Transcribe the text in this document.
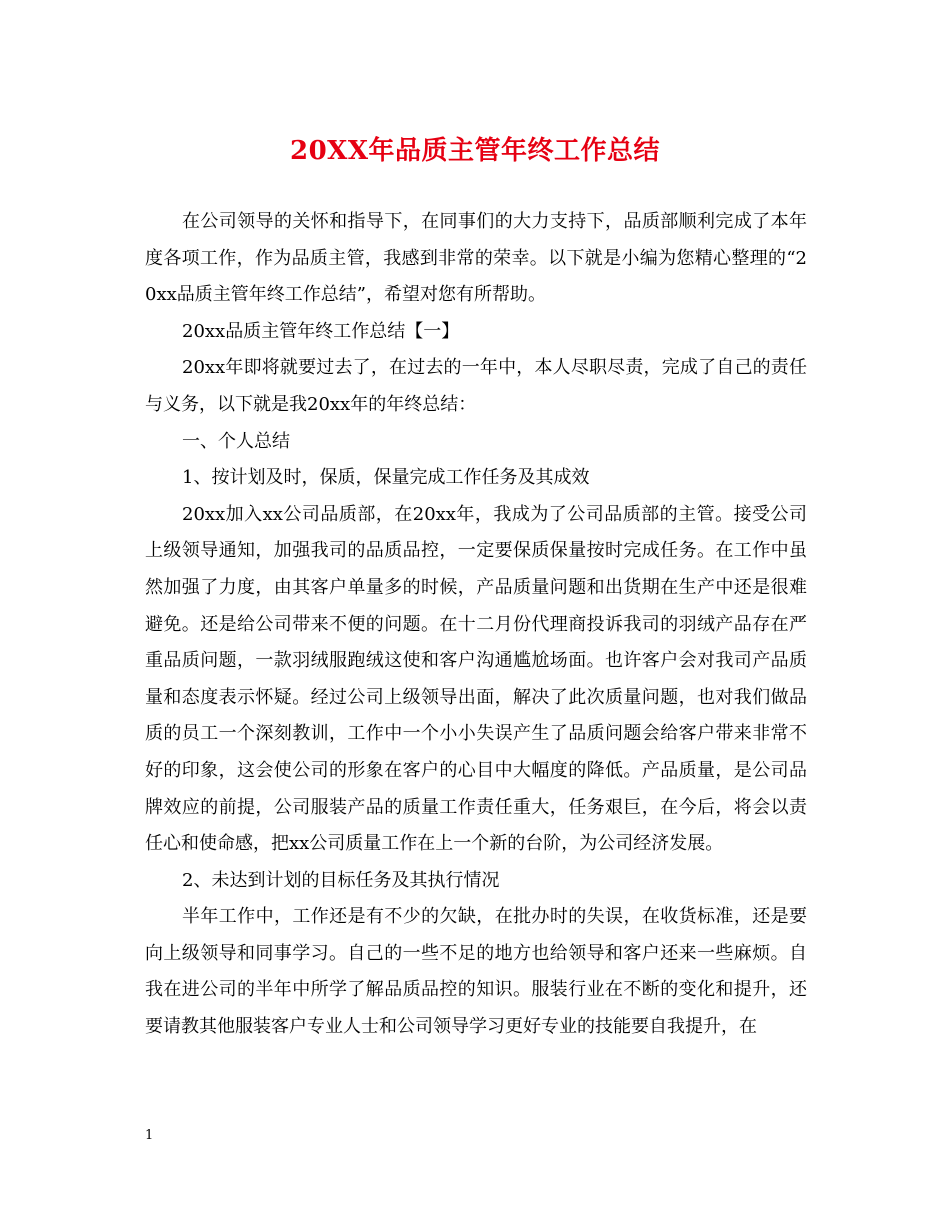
20XX年品质主管年终工作总结

在公司领导的关怀和指导下，在同事们的大力支持下，品质部顺利完成了本年度各项工作，作为品质主管，我感到非常的荣幸。以下就是小编为您精心整理的“20xx品质主管年终工作总结”，希望对您有所帮助。

20xx品质主管年终工作总结【一】

20xx年即将就要过去了，在过去的一年中，本人尽职尽责，完成了自己的责任与义务，以下就是我20xx年的年终总结：

一、个人总结

1、按计划及时，保质，保量完成工作任务及其成效

20xx加入xx公司品质部，在20xx年，我成为了公司品质部的主管。接受公司上级领导通知，加强我司的品质品控，一定要保质保量按时完成任务。在工作中虽然加强了力度，由其客户单量多的时候，产品质量问题和出货期在生产中还是很难避免。还是给公司带来不便的问题。在十二月份代理商投诉我司的羽绒产品存在严重品质问题，一款羽绒服跑绒这使和客户沟通尴尬场面。也许客户会对我司产品质量和态度表示怀疑。经过公司上级领导出面，解决了此次质量问题，也对我们做品质的员工一个深刻教训，工作中一个小小失误产生了品质问题会给客户带来非常不好的印象，这会使公司的形象在客户的心目中大幅度的降低。产品质量，是公司品牌效应的前提，公司服装产品的质量工作责任重大，任务艰巨，在今后，将会以责任心和使命感，把xx公司质量工作在上一个新的台阶，为公司经济发展。

2、未达到计划的目标任务及其执行情况

半年工作中，工作还是有不少的欠缺，在批办时的失误，在收货标准，还是要向上级领导和同事学习。自己的一些不足的地方也给领导和客户还来一些麻烦。自我在进公司的半年中所学了解品质品控的知识。服装行业在不断的变化和提升，还要请教其他服装客户专业人士和公司领导学习更好专业的技能要自我提升，在

1
